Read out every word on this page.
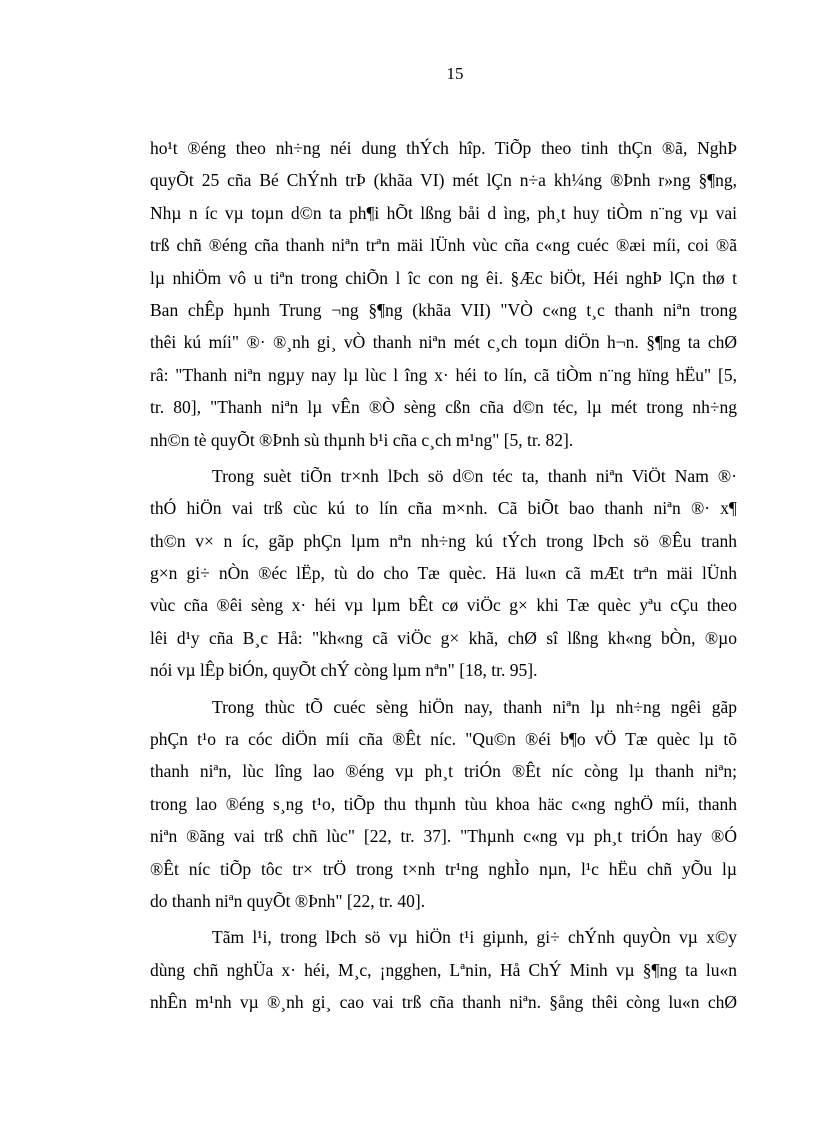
15
ho¹t ®éng theo nh÷ng néi dung thÝch hîp. TiÕp theo tinh thÇn ®ã, NghÞ
quyÕt 25 cña Bé ChÝnh trÞ (khãa VI) mét lÇn n÷a kh¼ng ®Þnh r»ng §¶ng,
Nhµ n íc vµ toµn d©n ta ph¶i hÕt lßng båi d ìng, ph¸t huy tiÒm n¨ng vµ vai
trß chñ ®éng cña thanh niªn trªn mäi lÜnh vùc cña c«ng cuéc ®æi míi, coi ®ã
lµ nhiÖm vô u tiªn trong chiÕn l îc con ng êi. §Æc biÖt, Héi nghÞ lÇn thø t
Ban chÊp hµnh Trung ¬ng §¶ng (khãa VII) "VÒ c«ng t¸c thanh niªn trong
thêi kú míi" ®· ®¸nh gi¸ vÒ thanh niªn mét c¸ch toµn diÖn h¬n. §¶ng ta chØ
râ: "Thanh niªn ngµy nay lµ lùc l îng x· héi to lín, cã tiÒm n¨ng hïng hËu" [5,
tr. 80], "Thanh niªn lµ vÊn ®Ò sèng cßn cña d©n téc, lµ mét trong nh÷ng
nh©n tè quyÕt ®Þnh sù thµnh b¹i cña c¸ch m¹ng" [5, tr. 82].
Trong suèt tiÕn tr×nh lÞch sö d©n téc ta, thanh niªn ViÖt Nam ®·
thÓ hiÖn vai trß cùc kú to lín cña m×nh. Cã biÕt bao thanh niªn ®· x¶
th©n v× n íc, gãp phÇn lµm nªn nh÷ng kú tÝch trong lÞch sö ®Êu tranh
g×n gi÷ nÒn ®éc lËp, tù do cho Tæ quèc. Hä lu«n cã mÆt trªn mäi lÜnh
vùc cña ®êi sèng x· héi vµ lµm bÊt cø viÖc g× khi Tæ quèc yªu cÇu theo
lêi d¹y cña B¸c Hå: "kh«ng cã viÖc g× khã, chØ sî lßng kh«ng bÒn, ®µo
nói vµ lÊp biÓn, quyÕt chÝ còng lµm nªn" [18, tr. 95].
Trong thùc tÕ cuéc sèng hiÖn nay, thanh niªn lµ nh÷ng ngêi gãp
phÇn t¹o ra cóc diÖn míi cña ®Êt níc. "Qu©n ®éi b¶o vÖ Tæ quèc lµ tõ
thanh niªn, lùc lîng lao ®éng vµ ph¸t triÓn ®Êt níc còng lµ thanh niªn;
trong lao ®éng s¸ng t¹o, tiÕp thu thµnh tùu khoa häc c«ng nghÖ míi, thanh
niªn ®ãng vai trß chñ lùc" [22, tr. 37]. "Thµnh c«ng vµ ph¸t triÓn hay ®Ó
®Êt níc tiÕp tôc tr× trÖ trong t×nh tr¹ng nghÌo nµn, l¹c hËu chñ yÕu lµ
do thanh niªn quyÕt ®Þnh" [22, tr. 40].
Tãm l¹i, trong lÞch sö vµ hiÖn t¹i giµnh, gi÷ chÝnh quyÒn vµ x©y
dùng chñ nghÜa x· héi, M¸c, ¡ngghen, Lªnin, Hå ChÝ Minh vµ §¶ng ta lu«n
nhÊn m¹nh vµ ®¸nh gi¸ cao vai trß cña thanh niªn. §ång thêi còng lu«n chØ
